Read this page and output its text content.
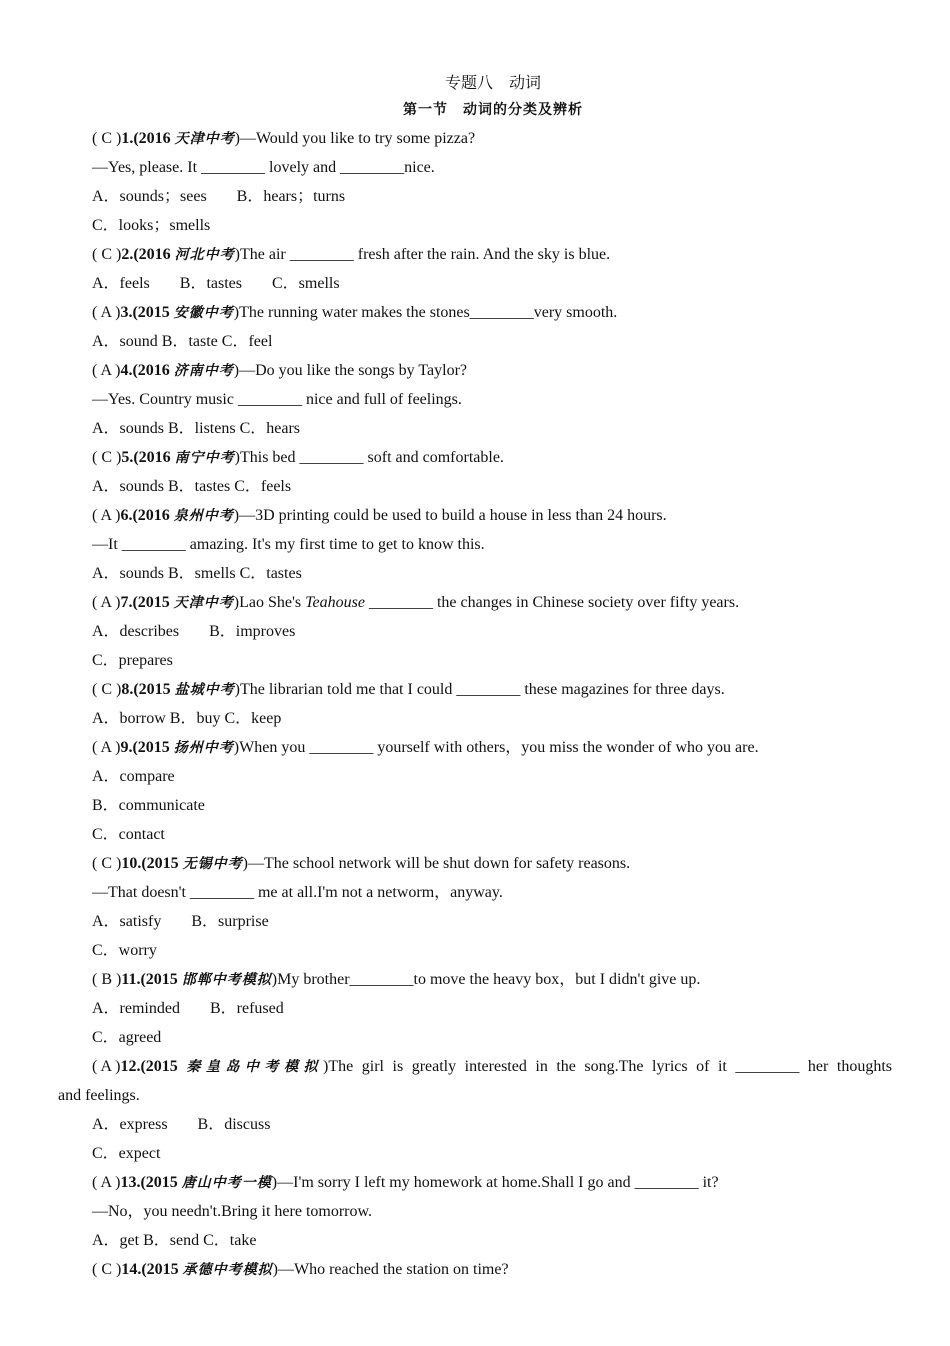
专题八　动词
第一节　动词的分类及辨析
( C )1.(2016 天津中考)—Would you like to try some pizza?
—Yes, please. It ________ lovely and ________nice.
A．sounds；sees B．hears；turns
C．looks；smells
( C )2.(2016 河北中考)The air ________ fresh after the rain. And the sky is blue.
A．feels B．tastes C．smells
( A )3.(2015 安徽中考)The running water makes the stones________very smooth.
A．sound B．taste C．feel
( A )4.(2016 济南中考)—Do you like the songs by Taylor?
—Yes. Country music ________ nice and full of feelings.
A．sounds B．listens C．hears
( C )5.(2016 南宁中考)This bed ________ soft and comfortable.
A．sounds B．tastes C．feels
( A )6.(2016 泉州中考)—3D printing could be used to build a house in less than 24 hours.
—It ________ amazing. It's my first time to get to know this.
A．sounds B．smells C．tastes
( A )7.(2015 天津中考)Lao She's Teahouse ________ the changes in Chinese society over fifty years.
A．describes B．improves
C．prepares
( C )8.(2015 盐城中考)The librarian told me that I could ________ these magazines for three days.
A．borrow B．buy C．keep
( A )9.(2015 扬州中考)When you ________ yourself with others，you miss the wonder of who you are.
A．compare
B．communicate
C．contact
( C )10.(2015 无锡中考)—The school network will be shut down for safety reasons.
—That doesn't ________ me at all.I'm not a networm，anyway.
A．satisfy B．surprise
C．worry
( B )11.(2015 邯郸中考模拟)My brother________to move the heavy box，but I didn't give up.
A．reminded B．refused
C．agreed
( A )12.(2015 秦皇岛中考模拟)The girl is greatly interested in the song.The lyrics of it ________ her thoughts
and feelings.
A．express B．discuss
C．expect
( A )13.(2015 唐山中考一模)—I'm sorry I left my homework at home.Shall I go and ________ it?
—No，you needn't.Bring it here tomorrow.
A．get B．send C．take
( C )14.(2015 承德中考模拟)—Who reached the station on time?
